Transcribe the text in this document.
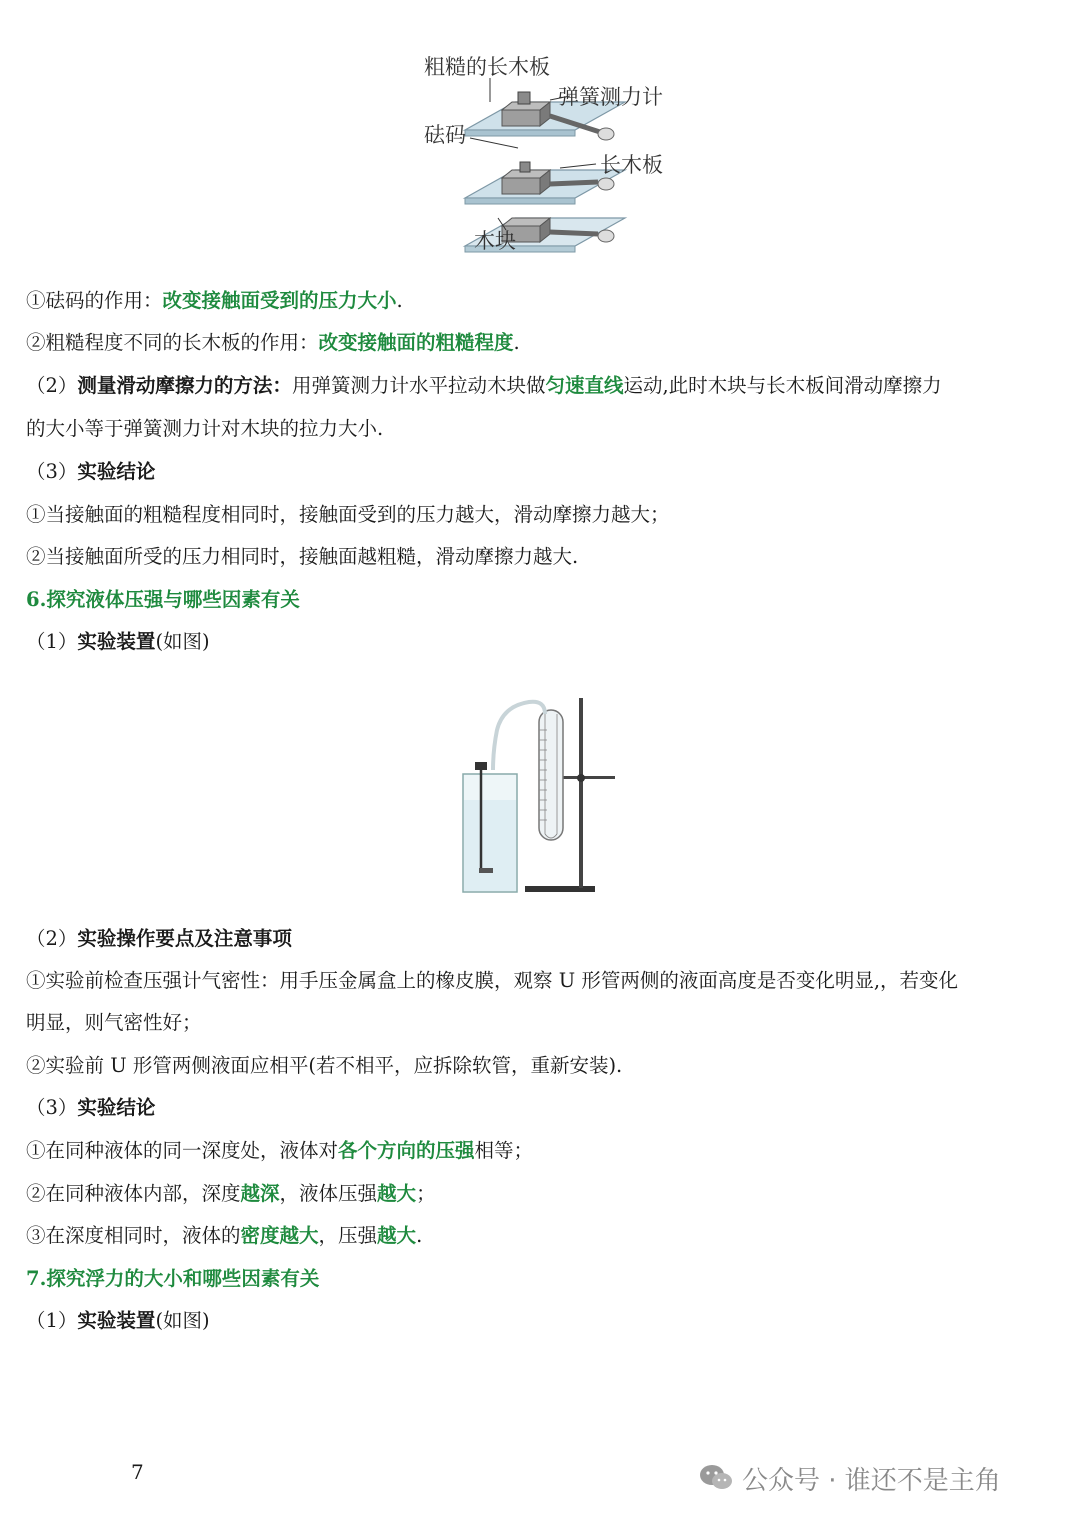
粗糙的长木板
弹簧测力计
砝码
长木板
木块
①砝码的作用：改变接触面受到的压力大小.
②粗糙程度不同的长木板的作用：改变接触面的粗糙程度.
（2）测量滑动摩擦力的方法：用弹簧测力计水平拉动木块做匀速直线运动,此时木块与长木板间滑动摩擦力
的大小等于弹簧测力计对木块的拉力大小.
（3）实验结论
①当接触面的粗糙程度相同时，接触面受到的压力越大，滑动摩擦力越大；
②当接触面所受的压力相同时，接触面越粗糙，滑动摩擦力越大.
6.探究液体压强与哪些因素有关
（1）实验装置(如图)
（2）实验操作要点及注意事项
①实验前检查压强计气密性：用手压金属盒上的橡皮膜，观察 U 形管两侧的液面高度是否变化明显,，若变化
明显，则气密性好；
②实验前 U 形管两侧液面应相平(若不相平，应拆除软管，重新安装).
（3）实验结论
①在同种液体的同一深度处，液体对各个方向的压强相等；
②在同种液体内部，深度越深，液体压强越大；
③在深度相同时，液体的密度越大，压强越大.
7.探究浮力的大小和哪些因素有关
（1）实验装置(如图)
7	公众号 · 谁还不是主角
